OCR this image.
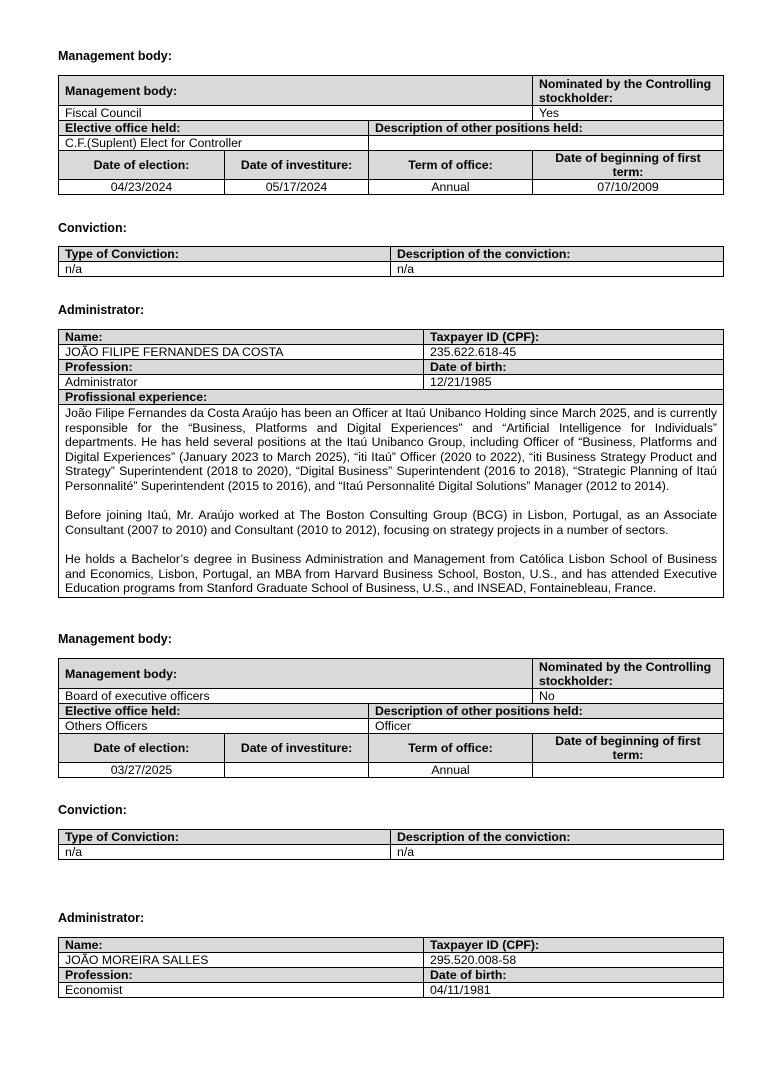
Management body:
Management body:			Nominated by the Controlling stockholder:
Fiscal Council			Yes
Elective office held:		Description of other positions held:	
C.F.(Suplent) Elect for Controller			
Date of election:	Date of investiture:	Term of office:	Date of beginning of first term:
04/23/2024	05/17/2024	Annual	07/10/2009
Conviction:
Type of Conviction:	Description of the conviction:
n/a	n/a
Administrator:
Name:	Taxpayer ID (CPF):
JOÃO FILIPE FERNANDES DA COSTA	235.622.618-45
Profession:	Date of birth:
Administrator	12/21/1985
Profissional experience:	

João Filipe Fernandes da Costa Araújo has been an Officer at Itaú Unibanco Holding since March 2025, and is currently responsible for the “Business, Platforms and Digital Experiences” and “Artificial Intelligence for Individuals” departments. He has held several positions at the Itaú Unibanco Group, including Officer of “Business, Platforms and Digital Experiences” (January 2023 to March 2025), “iti Itaú” Officer (2020 to 2022), “iti Business Strategy Product and Strategy” Superintendent (2018 to 2020), “Digital Business” Superintendent (2016 to 2018), “Strategic Planning of Itaú Personnalité” Superintendent (2015 to 2016), and “Itaú Personnalité Digital Solutions” Manager (2012 to 2014).

Before joining Itaú, Mr. Araújo worked at The Boston Consulting Group (BCG) in Lisbon, Portugal, as an Associate Consultant (2007 to 2010) and Consultant (2010 to 2012), focusing on strategy projects in a number of sectors.

He holds a Bachelor’s degree in Business Administration and Management from Católica Lisbon School of Business and Economics, Lisbon, Portugal, an MBA from Harvard Business School, Boston, U.S., and has attended Executive Education programs from Stanford Graduate School of Business, U.S., and INSEAD, Fontainebleau, France.	

Management body:
Management body:			Nominated by the Controlling stockholder:
Board of executive officers			No
Elective office held:		Description of other positions held:	
Others Officers		Officer	
Date of election:	Date of investiture:	Term of office:	Date of beginning of first term:
03/27/2025		Annual	
Conviction:
Type of Conviction:	Description of the conviction:
n/a	n/a
Administrator:
Name:	Taxpayer ID (CPF):
JOÃO MOREIRA SALLES	295.520.008-58
Profession:	Date of birth:
Economist	04/11/1981
